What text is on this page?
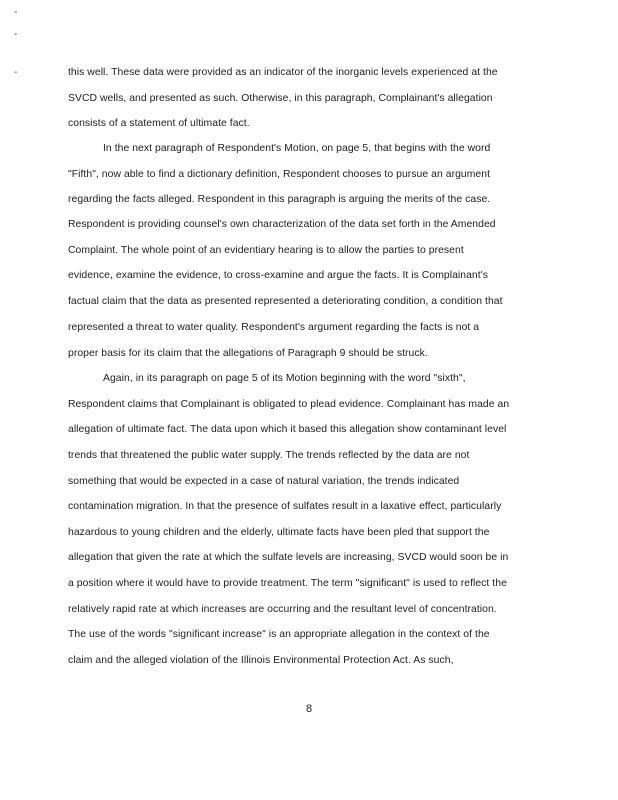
-
-
-	this well. These data were provided as an indicator of the inorganic levels experienced at the
SVCD wells, and presented as such. Otherwise, in this paragraph, Complainant's allegation
consists of a statement of ultimate fact.
In the next paragraph of Respondent's Motion, on page 5, that begins with the word
"Fifth", now able to find a dictionary definition, Respondent chooses to pursue an argument
regarding the facts alleged. Respondent in this paragraph is arguing the merits of the case.
Respondent is providing counsel's own characterization of the data set forth in the Amended
Complaint. The whole point of an evidentiary hearing is to allow the parties to present
evidence, examine the evidence, to cross-examine and argue the facts. It is Complainant's
factual claim that the data as presented represented a deteriorating condition, a condition that
represented a threat to water quality. Respondent's argument regarding the facts is not a
proper basis for its claim that the allegations of Paragraph 9 should be struck.
Again, in its paragraph on page 5 of its Motion beginning with the word "sixth",
Respondent claims that Complainant is obligated to plead evidence. Complainant has made an
allegation of ultimate fact. The data upon which it based this allegation show contaminant level
trends that threatened the public water supply. The trends reflected by the data are not
something that would be expected in a case of natural variation, the trends indicated
contamination migration. In that the presence of sulfates result in a laxative effect, particularly
hazardous to young children and the elderly, ultimate facts have been pled that support the
allegation that given the rate at which the sulfate levels are increasing, SVCD would soon be in
a position where it would have to provide treatment. The term "significant" is used to reflect the
relatively rapid rate at which increases are occurring and the resultant level of concentration.
The use of the words "significant increase" is an appropriate allegation in the context of the
claim and the alleged violation of the Illinois Environmental Protection Act. As such,
8
